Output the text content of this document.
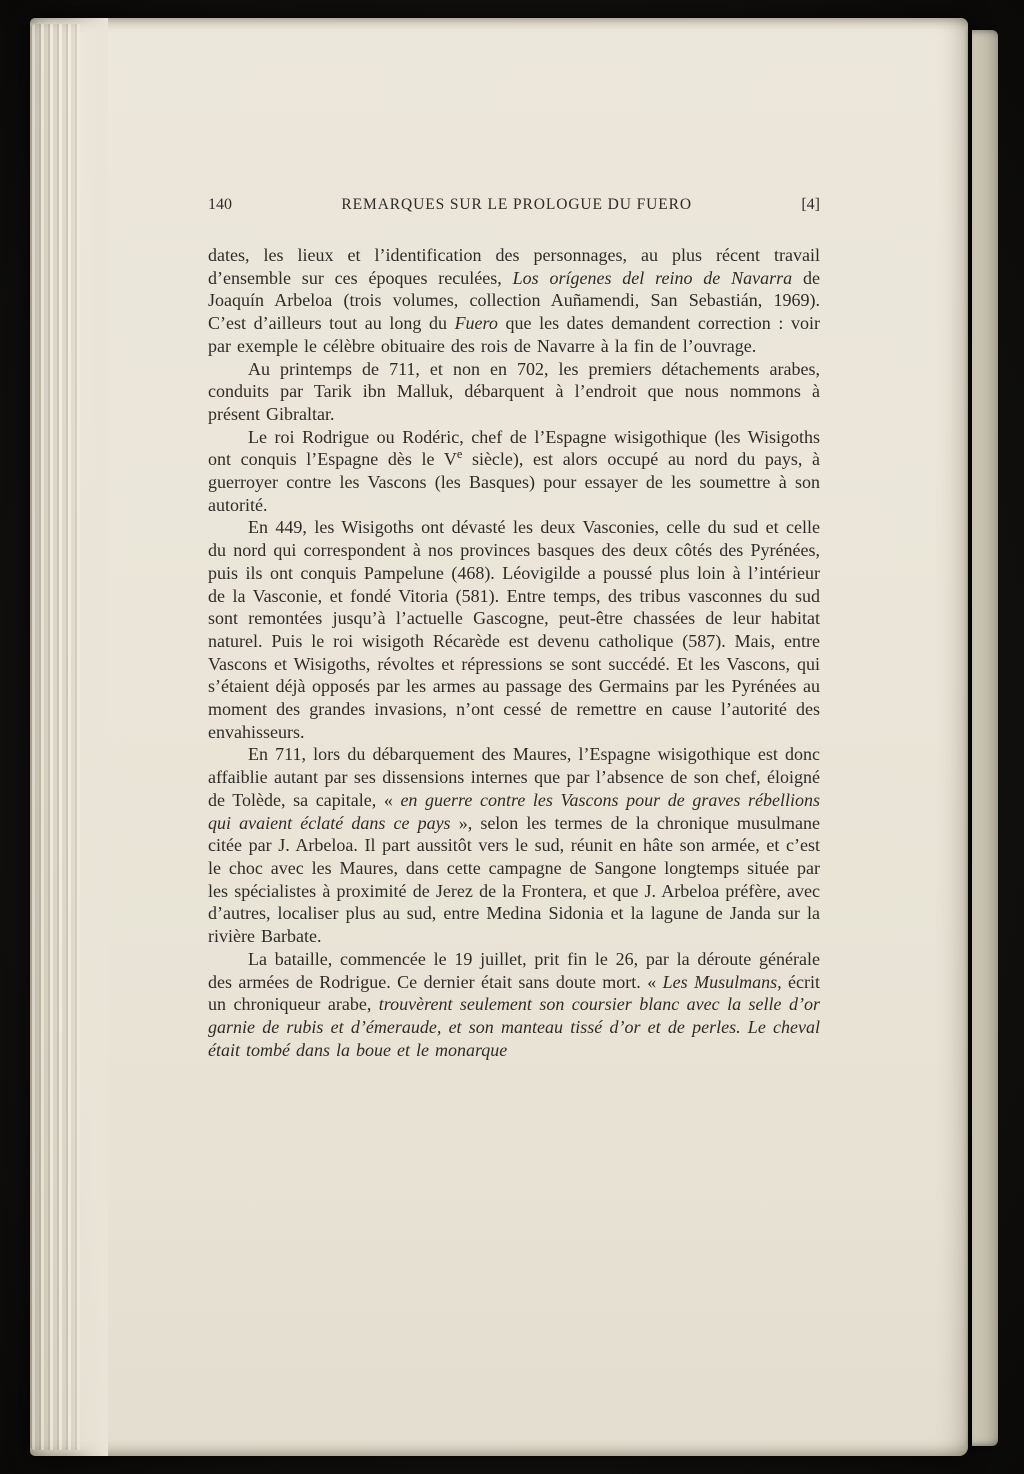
140	REMARQUES SUR LE PROLOGUE DU FUERO	[4]

dates, les lieux et l’identification des personnages, au plus récent travail d’ensemble sur ces époques reculées, Los orígenes del reino de Navarra de Joaquín Arbeloa (trois volumes, collection Auñamendi, San Sebastián, 1969). C’est d’ailleurs tout au long du Fuero que les dates demandent correction : voir par exemple le célèbre obituaire des rois de Navarre à la fin de l’ouvrage.

Au printemps de 711, et non en 702, les premiers détachements arabes, conduits par Tarik ibn Malluk, débarquent à l’endroit que nous nommons à présent Gibraltar.

Le roi Rodrigue ou Rodéric, chef de l’Espagne wisigothique (les Wisigoths ont conquis l’Espagne dès le Ve siècle), est alors occupé au nord du pays, à guerroyer contre les Vascons (les Basques) pour essayer de les soumettre à son autorité.

En 449, les Wisigoths ont dévasté les deux Vasconies, celle du sud et celle du nord qui correspondent à nos provinces basques des deux côtés des Pyrénées, puis ils ont conquis Pampelune (468). Léovigilde a poussé plus loin à l’intérieur de la Vasconie, et fondé Vitoria (581). Entre temps, des tribus vasconnes du sud sont remontées jusqu’à l’actuelle Gascogne, peut-être chassées de leur habitat naturel. Puis le roi wisigoth Récarède est devenu catholique (587). Mais, entre Vascons et Wisigoths, révoltes et répressions se sont succédé. Et les Vascons, qui s’étaient déjà opposés par les armes au passage des Germains par les Pyrénées au moment des grandes invasions, n’ont cessé de remettre en cause l’autorité des envahisseurs.

En 711, lors du débarquement des Maures, l’Espagne wisigothique est donc affaiblie autant par ses dissensions internes que par l’absence de son chef, éloigné de Tolède, sa capitale, « en guerre contre les Vascons pour de graves rébellions qui avaient éclaté dans ce pays », selon les termes de la chronique musulmane citée par J. Arbeloa. Il part aussitôt vers le sud, réunit en hâte son armée, et c’est le choc avec les Maures, dans cette campagne de Sangone longtemps située par les spécialistes à proximité de Jerez de la Frontera, et que J. Arbeloa préfère, avec d’autres, localiser plus au sud, entre Medina Sidonia et la lagune de Janda sur la rivière Barbate.

La bataille, commencée le 19 juillet, prit fin le 26, par la déroute générale des armées de Rodrigue. Ce dernier était sans doute mort. « Les Musulmans, écrit un chroniqueur arabe, trouvèrent seulement son coursier blanc avec la selle d’or garnie de rubis et d’émeraude, et son manteau tissé d’or et de perles. Le cheval était tombé dans la boue et le monarque
